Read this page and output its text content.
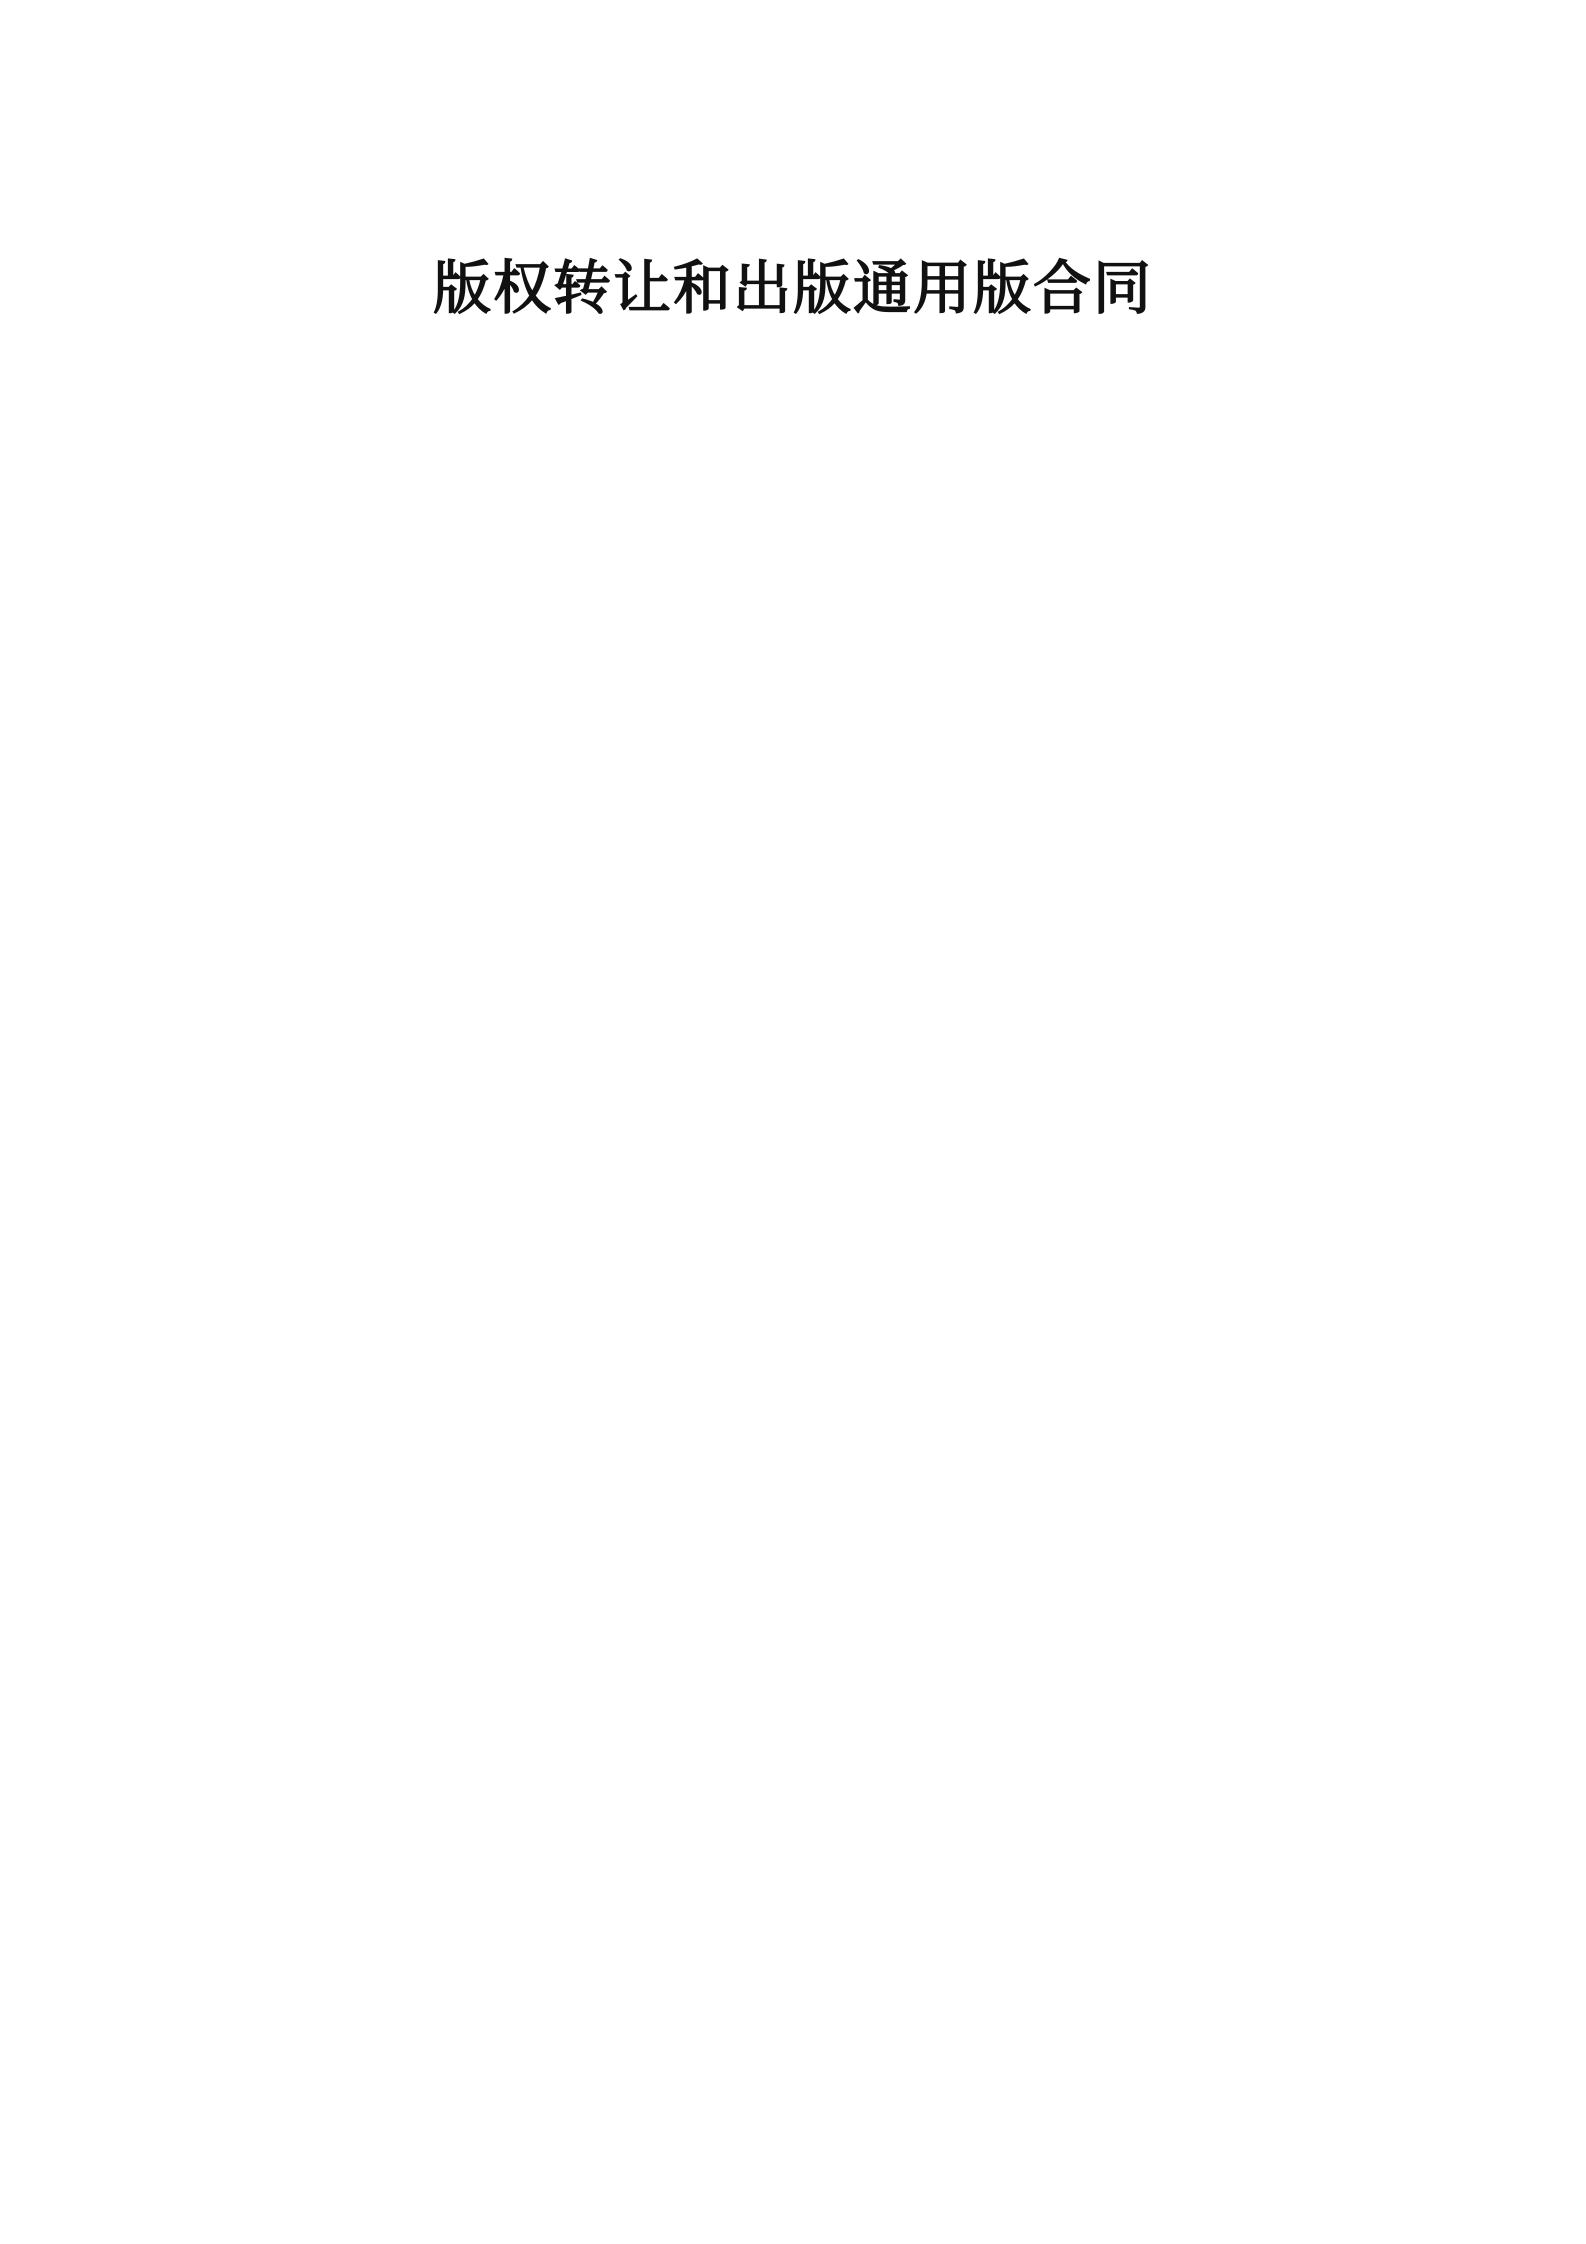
版权转让和出版通用版合同
